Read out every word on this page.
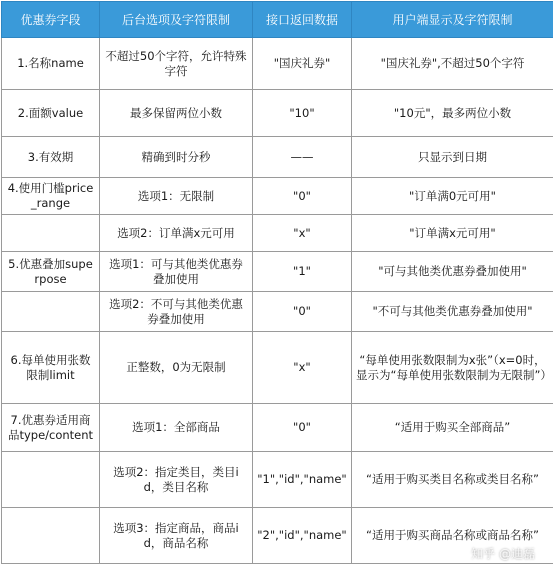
优惠券字段	后台选项及字符限制	接口返回数据	用户端显示及字符限制
1.名称name	不超过50个字符，允许特殊字符	"国庆礼券"	"国庆礼券",不超过50个字符
2.面额value	最多保留两位小数	"10"	"10元"，最多两位小数
3.有效期	精确到时分秒	——	只显示到日期
4.使用门槛price_range	选项1：无限制	"0"	"订单满0元可用"
	选项2：订单满x元可用	"x"	"订单满x元可用"
5.优惠叠加superpose	选项1：可与其他类优惠券叠加使用	"1"	"可与其他类优惠券叠加使用"
	选项2：不可与其他类优惠券叠加使用	"0"	"不可与其他类优惠券叠加使用"
6.每单使用张数限制limit	正整数，0为无限制	"x"	“每单使用张数限制为x张”（x=0时，显示为“每单使用张数限制为无限制”）
7.优惠券适用商品type/content	选项1：全部商品	"0"	“适用于购买全部商品”
	选项2：指定类目，类目id，类目名称	"1","id","name"	“适用于购买类目名称或类目名称”
	选项3：指定商品，商品id，商品名称	"2","id","name"	“适用于购买商品名称或商品名称”
知乎 @迪磊
